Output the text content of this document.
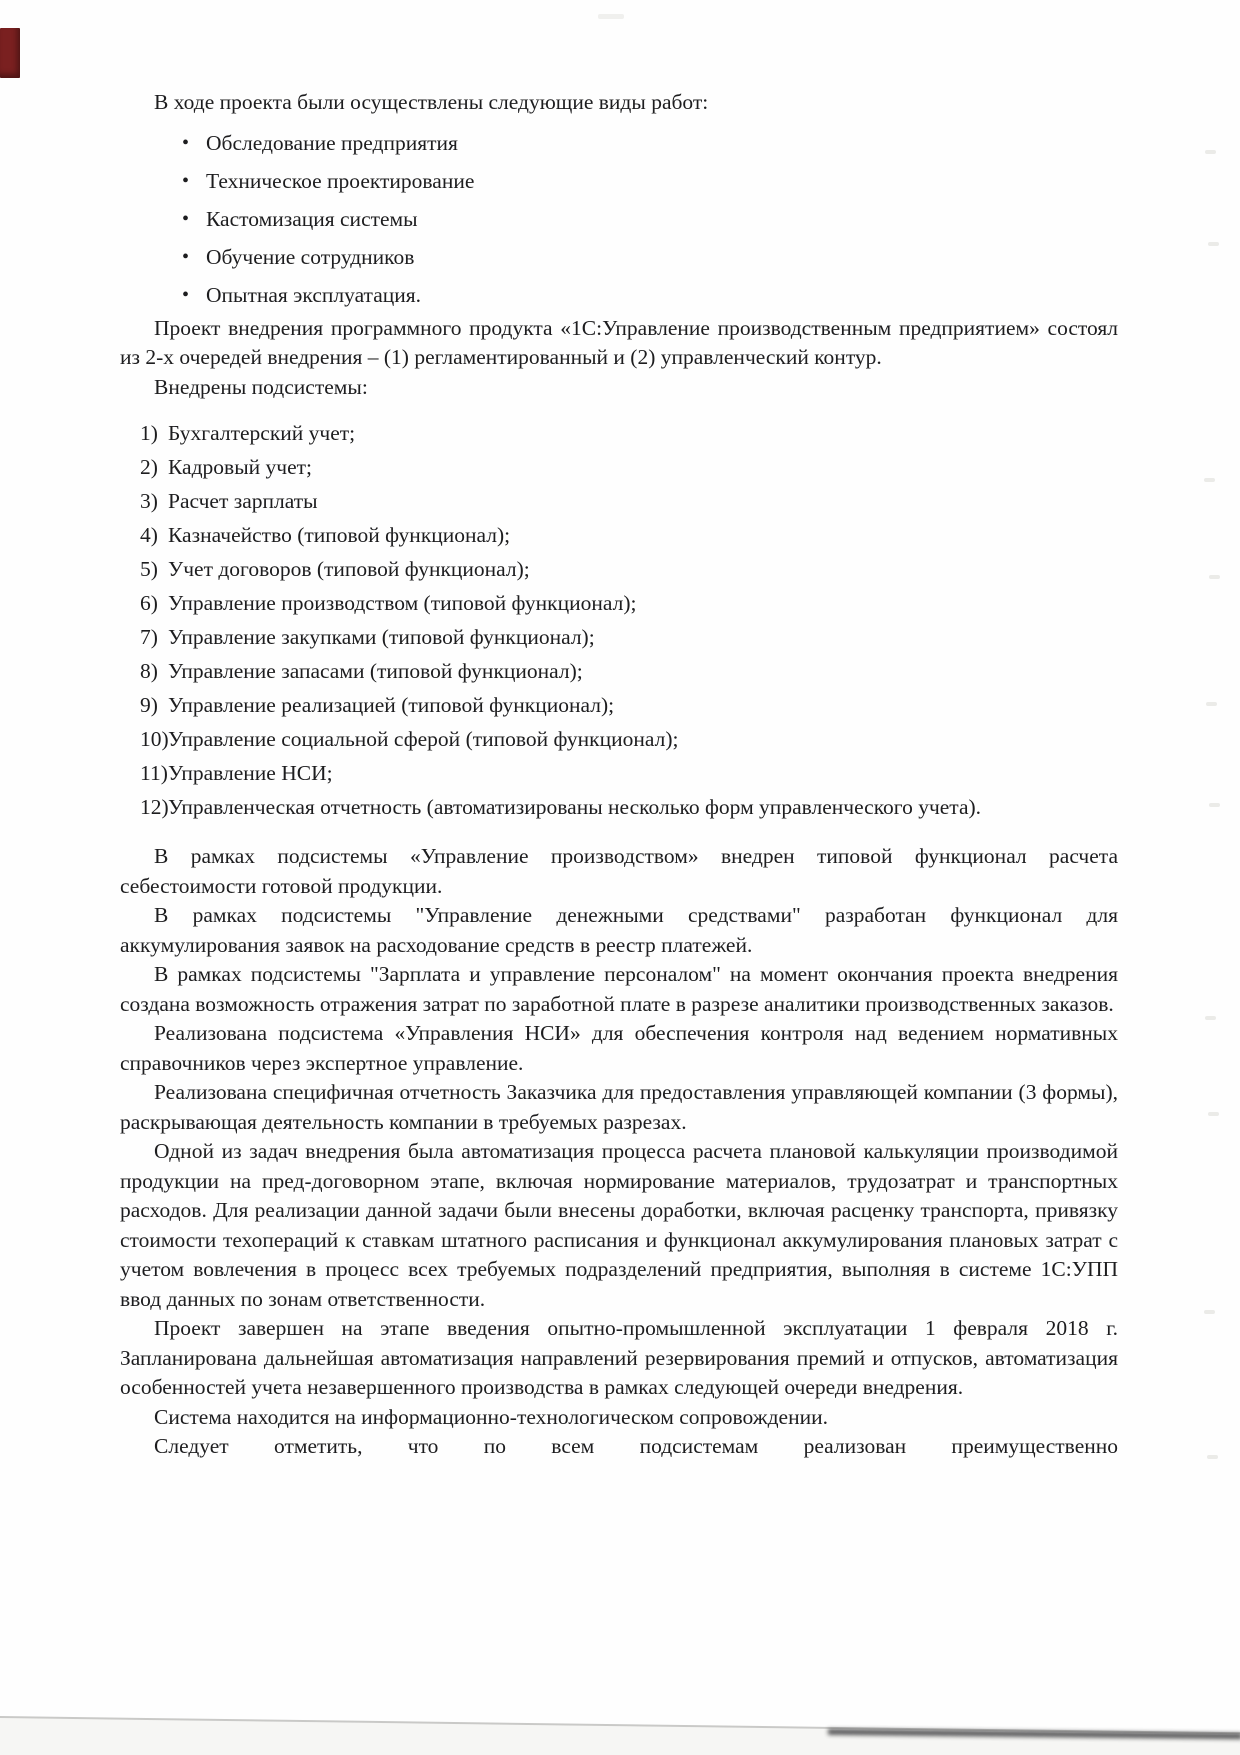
В ходе проекта были осуществлены следующие виды работ:

• Обследование предприятия
• Техническое проектирование
• Кастомизация системы
• Обучение сотрудников
• Опытная эксплуатация.

Проект внедрения программного продукта «1С:Управление производственным предприятием» состоял из 2-х очередей внедрения – (1) регламентированный и (2) управленческий контур.

Внедрены подсистемы:

1) Бухгалтерский учет;
2) Кадровый учет;
3) Расчет зарплаты
4) Казначейство (типовой функционал);
5) Учет договоров (типовой функционал);
6) Управление производством (типовой функционал);
7) Управление закупками (типовой функционал);
8) Управление запасами (типовой функционал);
9) Управление реализацией (типовой функционал);
10) Управление социальной сферой (типовой функционал);
11) Управление НСИ;
12) Управленческая отчетность (автоматизированы несколько форм управленческого учета).

В рамках подсистемы «Управление производством» внедрен типовой функционал расчета себестоимости готовой продукции.

В рамках подсистемы "Управление денежными средствами" разработан функционал для аккумулирования заявок на расходование средств в реестр платежей.

В рамках подсистемы "Зарплата и управление персоналом" на момент окончания проекта внедрения создана возможность отражения затрат по заработной плате в разрезе аналитики производственных заказов.

Реализована подсистема «Управления НСИ» для обеспечения контроля над ведением нормативных справочников через экспертное управление.

Реализована специфичная отчетность Заказчика для предоставления управляющей компании (3 формы), раскрывающая деятельность компании в требуемых разрезах.

Одной из задач внедрения была автоматизация процесса расчета плановой калькуляции производимой продукции на пред-договорном этапе, включая нормирование материалов, трудозатрат и транспортных расходов. Для реализации данной задачи были внесены доработки, включая расценку транспорта, привязку стоимости техопераций к ставкам штатного расписания и функционал аккумулирования плановых затрат с учетом вовлечения в процесс всех требуемых подразделений предприятия, выполняя в системе 1С:УПП ввод данных по зонам ответственности.

Проект завершен на этапе введения опытно-промышленной эксплуатации 1 февраля 2018 г. Запланирована дальнейшая автоматизация направлений резервирования премий и отпусков, автоматизация особенностей учета незавершенного производства в рамках следующей очереди внедрения.

Система находится на информационно-технологическом сопровождении.

Следует отметить, что по всем подсистемам реализован преимущественно
